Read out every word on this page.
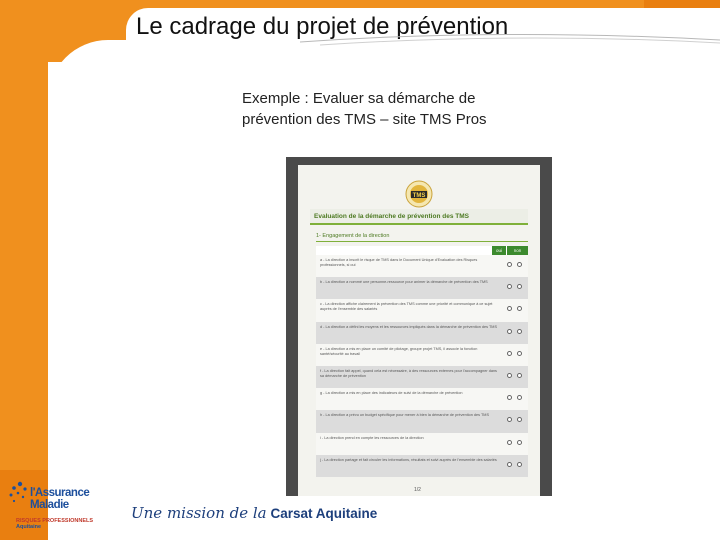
Le cadrage du projet de prévention
Exemple : Evaluer sa démarche de
prévention des TMS – site TMS Pros
TMS
Evaluation de la démarche de prévention des TMS
1- Engagement de la direction
oui	non
a - La direction a inscrit le risque de TMS dans le Document Unique d'Evaluation des Risques professionnels, si oui
b - La direction a nommé une personne-ressource pour animer la démarche de prévention des TMS
c - La direction affiche clairement la prévention des TMS comme une priorité et communique à ce sujet auprès de l'ensemble des salariés
d - La direction a défini les moyens et les ressources impliqués dans la démarche de prévention des TMS
e - La direction a mis en place un comité de pilotage, groupe projet TMS, il associe la fonction santé/sécurité au travail
f - La direction fait appel, quand cela est nécessaire, à des ressources externes pour l'accompagner dans sa démarche de prévention
g - La direction a mis en place des indicateurs de suivi de la démarche de prévention
h - La direction a prévu un budget spécifique pour mener à bien la démarche de prévention des TMS
i - La direction prend en compte les ressources de la direction
j - La direction partage et fait circuler les informations, résultats et suivi auprès de l'ensemble des salariés
1/2
l'Assurance
Maladie
RISQUES PROFESSIONNELS
Aquitaine
Une mission de la Carsat Aquitaine
